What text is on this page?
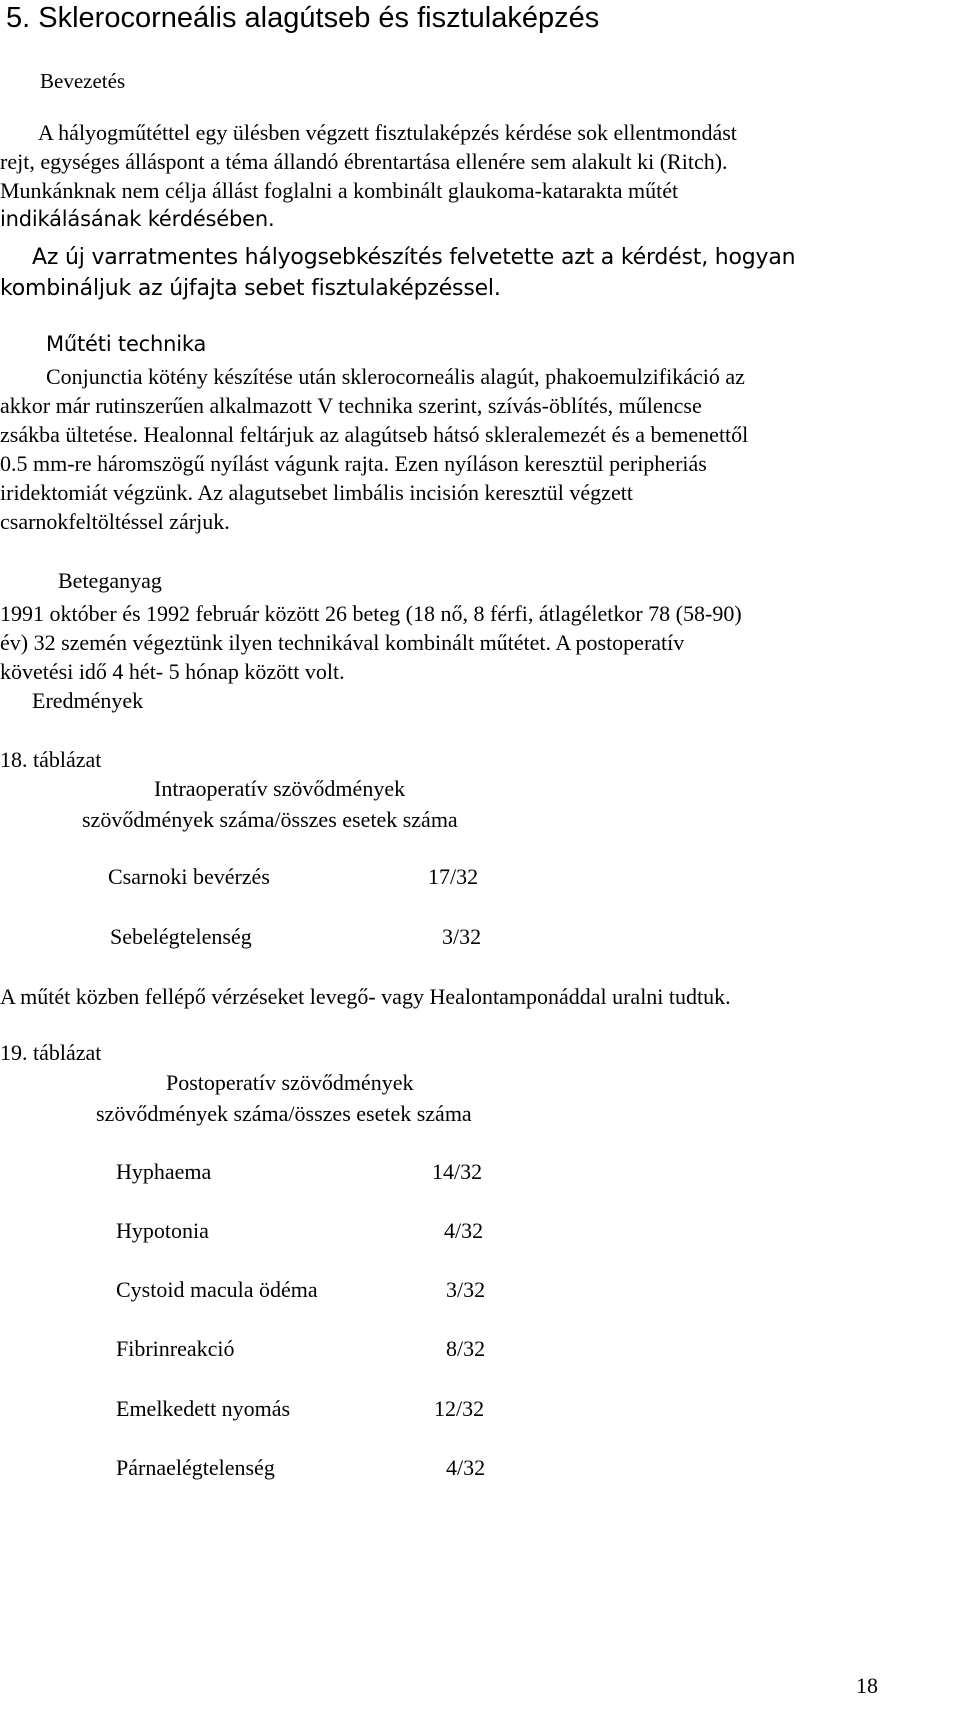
5. Sklerocorneális alagútseb és fisztulaképzés
Bevezetés
A hályogműtéttel egy ülésben végzett fisztulaképzés kérdése sok ellentmondást
rejt, egységes álláspont a téma állandó ébrentartása ellenére sem alakult ki (Ritch).
Munkánknak nem célja állást foglalni a kombinált glaukoma-katarakta műtét
indikálásának kérdésében.
Az új varratmentes hályogsebkészítés felvetette azt a kérdést, hogyan
kombináljuk az újfajta sebet fisztulaképzéssel.
Műtéti technika
Conjunctia kötény készítése után sklerocorneális alagút, phakoemulzifikáció az
akkor már rutinszerűen alkalmazott V technika szerint, szívás-öblítés, műlencse
zsákba ültetése. Healonnal feltárjuk az alagútseb hátsó skleralemezét és a bemenettől
0.5 mm-re háromszögű nyílást vágunk rajta. Ezen nyíláson keresztül peripheriás
iridektomiát végzünk. Az alagutsebet limbális incisión keresztül végzett
csarnokfeltöltéssel zárjuk.
Beteganyag
1991 október és 1992 február között 26 beteg (18 nő, 8 férfi, átlagéletkor 78 (58-90)
év) 32 szemén végeztünk ilyen technikával kombinált műtétet. A postoperatív
követési idő 4 hét- 5 hónap között volt.
Eredmények
18. táblázat
Intraoperatív szövődmények
szövődmények száma/összes esetek száma
Csarnoki bevérzés	17/32
Sebelégtelenség	3/32
A műtét közben fellépő vérzéseket levegő- vagy Healontamponáddal uralni tudtuk.
19. táblázat
Postoperatív szövődmények
szövődmények száma/összes esetek száma
Hyphaema	14/32
Hypotonia	4/32
Cystoid macula ödéma	3/32
Fibrinreakció	8/32
Emelkedett nyomás	12/32
Párnaelégtelenség	4/32
18
